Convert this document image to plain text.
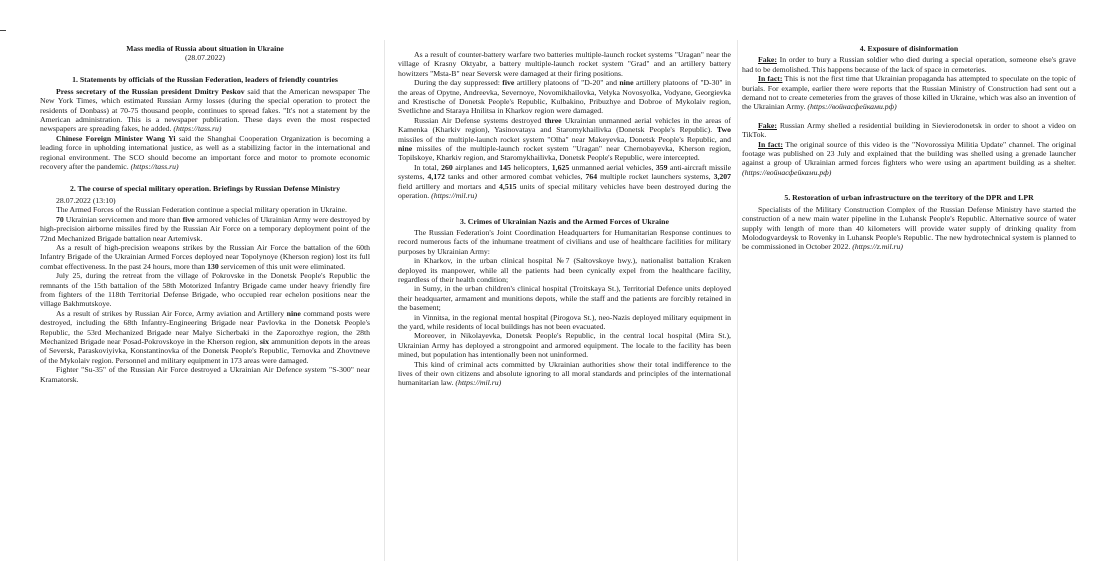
Mass media of Russia about situation in Ukraine
(28.07.2022)
1. Statements by officials of the Russian Federation, leaders of friendly countries
Press secretary of the Russian president Dmitry Peskov said that the American newspaper The New York Times, which estimated Russian Army losses (during the special operation to protect the residents of Donbass) at 70-75 thousand people, continues to spread fakes. "It's not a statement by the American administration. This is a newspaper publication. These days even the most respected newspapers are spreading fakes, he added. (https://tass.ru)
Chinese Foreign Minister Wang Yi said the Shanghai Cooperation Organization is becoming a leading force in upholding international justice, as well as a stabilizing factor in the international and regional environment. The SCO should become an important force and motor to promote economic recovery after the pandemic. (https://tass.ru)
2. The course of special military operation. Briefings by Russian Defense Ministry
28.07.2022 (13:10)
The Armed Forces of the Russian Federation continue a special military operation in Ukraine.
70 Ukrainian servicemen and more than five armored vehicles of Ukrainian Army were destroyed by high-precision airborne missiles fired by the Russian Air Force on a temporary deployment point of the 72nd Mechanized Brigade battalion near Artemivsk.
As a result of high-precision weapons strikes by the Russian Air Force the battalion of the 60th Infantry Brigade of the Ukrainian Armed Forces deployed near Topolynoye (Kherson region) lost its full combat effectiveness. In the past 24 hours, more than 130 servicemen of this unit were eliminated.
July 25, during the retreat from the village of Pokrovske in the Donetsk People's Republic the remnants of the 15th battalion of the 58th Motorized Infantry Brigade came under heavy friendly fire from fighters of the 118th Territorial Defense Brigade, who occupied rear echelon positions near the village Bakhmutskoye.
As a result of strikes by Russian Air Force, Army aviation and Artillery nine command posts were destroyed, including the 68th Infantry-Engineering Brigade near Pavlovka in the Donetsk People's Republic, the 53rd Mechanized Brigade near Malye Sicherbaki in the Zaporozhye region, the 28th Mechanized Brigade near Posad-Pokrovskoye in the Kherson region, six ammunition depots in the areas of Seversk, Paraskoviyivka, Konstantinovka of the Donetsk People's Republic, Ternovka and Zhovtneve of the Mykolaiv region. Personnel and military equipment in 173 areas were damaged.
Fighter "Su-35" of the Russian Air Force destroyed a Ukrainian Air Defence system "S-300" near Kramatorsk.
As a result of counter-battery warfare two batteries multiple-launch rocket systems "Uragan" near the village of Krasny Oktyabr, a battery multiple-launch rocket system "Grad" and an artillery battery howitzers "Msta-B" near Seversk were damaged at their firing positions.
During the day suppressed: five artillery platoons of "D-20" and nine artillery platoons of "D-30" in the areas of Opytne, Andreevka, Severnoye, Novomikhailovka, Velyka Novosyolka, Vodyane, Georgievka and Krestische of Donetsk People's Republic, Kulbakino, Pribuzhye and Dobroe of Mykolaiv region, Svetlichne and Staraya Hnilitsa in Kharkov region were damaged.
Russian Air Defense systems destroyed three Ukrainian unmanned aerial vehicles in the areas of Kamenka (Kharkiv region), Yasinovataya and Staromykhailivka (Donetsk People's Republic). Two missiles of the multiple-launch rocket system "Olha" near Makeyevka, Donetsk People's Republic, and nine missiles of the multiple-launch rocket system "Uragan" near Chernobayevka, Kherson region, Topilskoye, Kharkiv region, and Staromykhailivka, Donetsk People's Republic, were intercepted.
In total, 260 airplanes and 145 helicopters, 1,625 unmanned aerial vehicles, 359 anti-aircraft missile systems, 4,172 tanks and other armored combat vehicles, 764 multiple rocket launchers systems, 3,207 field artillery and mortars and 4,515 units of special military vehicles have been destroyed during the operation. (https://mil.ru)
3. Crimes of Ukrainian Nazis and the Armed Forces of Ukraine
The Russian Federation's Joint Coordination Headquarters for Humanitarian Response continues to record numerous facts of the inhumane treatment of civilians and use of healthcare facilities for military purposes by Ukrainian Army:
in Kharkov, in the urban clinical hospital №7 (Saltovskoye hwy.), nationalist battalion Kraken deployed its manpower, while all the patients had been cynically expel from the healthcare facility, regardless of their health condition;
in Sumy, in the urban children's clinical hospital (Troitskaya St.), Territorial Defence units deployed their headquarter, armament and munitions depots, while the staff and the patients are forcibly retained in the basement;
in Vinnitsa, in the regional mental hospital (Pirogova St.), neo-Nazis deployed military equipment in the yard, while residents of local buildings has not been evacuated.
Moreover, in Nikolayevka, Donetsk People's Republic, in the central local hospital (Mira St.), Ukrainian Army has deployed a strongpoint and armored equipment. The locale to the facility has been mined, but population has intentionally been not uninformed.
This kind of criminal acts committed by Ukrainian authorities show their total indifference to the lives of their own citizens and absolute ignoring to all moral standards and principles of the international humanitarian law. (https://mil.ru)
4. Exposure of disinformation
Fake: In order to bury a Russian soldier who died during a special operation, someone else's grave had to be demolished. This happens because of the lack of space in cemeteries.
In fact: This is not the first time that Ukrainian propaganda has attempted to speculate on the topic of burials. For example, earlier there were reports that the Russian Ministry of Construction had sent out a demand not to create cemeteries from the graves of those killed in Ukraine, which was also an invention of the Ukrainian Army. (https://войнасфейками.рф)
Fake: Russian Army shelled a residential building in Sievierodonetsk in order to shoot a video on TikTok.
In fact: The original source of this video is the "Novorossiya Militia Update" channel. The original footage was published on 23 July and explained that the building was shelled using a grenade launcher against a group of Ukrainian armed forces fighters who were using an apartment building as a shelter. (https://войнасфейками.рф)
5. Restoration of urban infrastructure on the territory of the DPR and LPR
Specialists of the Military Construction Complex of the Russian Defense Ministry have started the construction of a new main water pipeline in the Luhansk People's Republic. Alternative source of water supply with length of more than 40 kilometers will provide water supply of drinking quality from Molodogvardeysk to Rovenky in Luhansk People's Republic. The new hydrotechnical system is planned to be commissioned in October 2022. (https://z.mil.ru)
